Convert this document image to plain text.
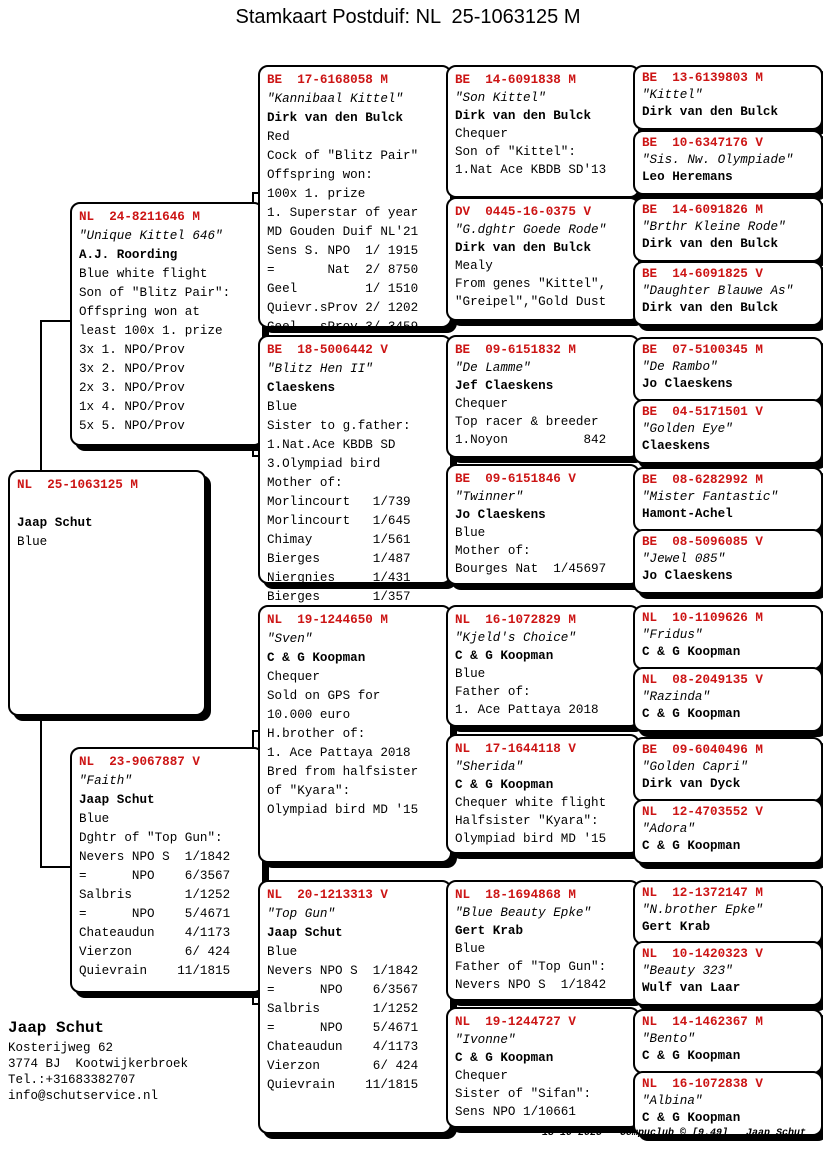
Stamkaart Postduif: NL  25-1063125 M
NL  25-1063125 M

Jaap Schut
Blue
NL  24-8211646 M
"Unique Kittel 646"
A.J. Roording
Blue white flight
Son of "Blitz Pair":
Offspring won at
least 100x 1. prize
3x 1. NPO/Prov
3x 2. NPO/Prov
2x 3. NPO/Prov
1x 4. NPO/Prov
5x 5. NPO/Prov
NL  23-9067887 V
"Faith"
Jaap Schut
Blue
Dghtr of "Top Gun":
Nevers NPO S  1/1842
=      NPO    6/3567
Salbris       1/1252
=      NPO    5/4671
Chateaudun    4/1173
Vierzon       6/ 424
Quievrain    11/1815
BE  17-6168058 M
"Kannibaal Kittel"
Dirk van den Bulck
Red
Cock of "Blitz Pair"
Offspring won:
100x 1. prize
1. Superstar of year
MD Gouden Duif NL'21
Sens S. NPO  1/ 1915
=       Nat  2/ 8750
Geel         1/ 1510
Quievr.sProv 2/ 1202
Geel   sProv 3/ 3459
BE  18-5006442 V
"Blitz Hen II"
Claeskens
Blue
Sister to g.father:
1.Nat.Ace KBDB SD
3.Olympiad bird
Mother of:
Morlincourt   1/739
Morlincourt   1/645
Chimay        1/561
Bierges       1/487
Niergnies     1/431
Bierges       1/357
NL  19-1244650 M
"Sven"
C & G Koopman
Chequer
Sold on GPS for
10.000 euro
H.brother of:
1. Ace Pattaya 2018
Bred from halfsister
of "Kyara":
Olympiad bird MD '15
NL  20-1213313 V
"Top Gun"
Jaap Schut
Blue
Nevers NPO S  1/1842
=      NPO    6/3567
Salbris       1/1252
=      NPO    5/4671
Chateaudun    4/1173
Vierzon       6/ 424
Quievrain    11/1815
BE  14-6091838 M
"Son Kittel"
Dirk van den Bulck
Chequer
Son of "Kittel":
1.Nat Ace KBDB SD'13
DV  0445-16-0375 V
"G.dghtr Goede Rode"
Dirk van den Bulck
Mealy
From genes "Kittel",
"Greipel","Gold Dust
BE  09-6151832 M
"De Lamme"
Jef Claeskens
Chequer
Top racer & breeder
1.Noyon          842
BE  09-6151846 V
"Twinner"
Jo Claeskens
Blue
Mother of:
Bourges Nat  1/45697
NL  16-1072829 M
"Kjeld's Choice"
C & G Koopman
Blue
Father of:
1. Ace Pattaya 2018
NL  17-1644118 V
"Sherida"
C & G Koopman
Chequer white flight
Halfsister "Kyara":
Olympiad bird MD '15
NL  18-1694868 M
"Blue Beauty Epke"
Gert Krab
Blue
Father of "Top Gun":
Nevers NPO S  1/1842
NL  19-1244727 V
"Ivonne"
C & G Koopman
Chequer
Sister of "Sifan":
Sens NPO 1/10661
BE  13-6139803 M
"Kittel"
Dirk van den Bulck
BE  10-6347176 V
"Sis. Nw. Olympiade"
Leo Heremans
BE  14-6091826 M
"Brthr Kleine Rode"
Dirk van den Bulck
BE  14-6091825 V
"Daughter Blauwe As"
Dirk van den Bulck
BE  07-5100345 M
"De Rambo"
Jo Claeskens
BE  04-5171501 V
"Golden Eye"
Claeskens
BE  08-6282992 M
"Mister Fantastic"
Hamont-Achel
BE  08-5096085 V
"Jewel 085"
Jo Claeskens
NL  10-1109626 M
"Fridus"
C & G Koopman
NL  08-2049135 V
"Razinda"
C & G Koopman
BE  09-6040496 M
"Golden Capri"
Dirk van Dyck
NL  12-4703552 V
"Adora"
C & G Koopman
NL  12-1372147 M
"N.brother Epke"
Gert Krab
NL  10-1420323 V
"Beauty 323"
Wulf van Laar
NL  14-1462367 M
"Bento"
C & G Koopman
NL  16-1072838 V
"Albina"
C & G Koopman
Jaap Schut
Kosterijweg 62
3774 BJ  Kootwijkerbroek
Tel.:+31683382707
info@schutservice.nl
18-10-2025   Compuclub © [9.49]   Jaap Schut
